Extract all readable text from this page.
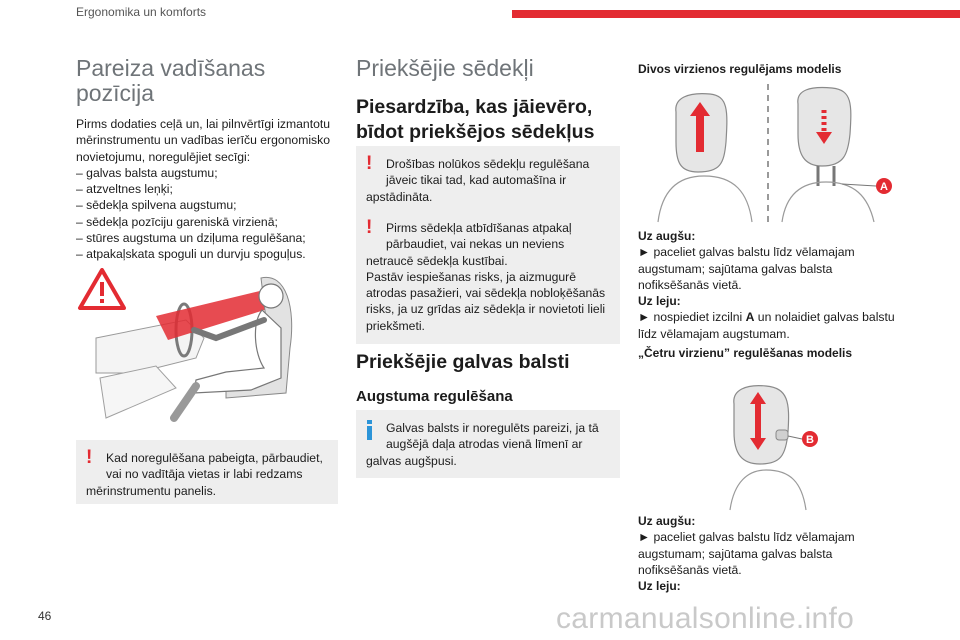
Ergonomika un komforts
46	carmanualsonline.info
Pareiza vadīšanas
pozīcija

Pirms dodaties ceļā un, lai pilnvērtīgi izmantotu

mērinstrumentu un vadības ierīču ergonomisko

novietojumu, noregulējiet secīgi:

– galvas balsta augstumu;

– atzveltnes leņķi;

– sēdekļa spilvena augstumu;

– sēdekļa pozīciju gareniskā virzienā;

– stūres augstuma un dziļuma regulēšana;

– atpakaļskata spoguli un durvju spoguļus.

!	Kad noregulēšana pabeigta, pārbaudiet,
vai no vadītāja vietas ir labi redzams
mērinstrumentu panelis.
Priekšējie sēdekļi
Piesardzība, kas jāievēro,
bīdot priekšējos sēdekļus
!	Drošības nolūkos sēdekļu regulēšana
jāveic tikai tad, kad automašīna ir
apstādināta.
!	Pirms sēdekļa atbīdīšanas atpakaļ
pārbaudiet, vai nekas un neviens
netraucē sēdekļa kustībai.
Pastāv iespiešanas risks, ja aizmugurē
atrodas pasažieri, vai sēdekļa nobloķēšanās
risks, ja uz grīdas aiz sēdekļa ir novietoti lieli
priekšmeti.
Priekšējie galvas balsti
Augstuma regulēšana
Galvas balsts ir noregulēts pareizi, ja tā
augšējā daļa atrodas vienā līmenī ar
galvas augšpusi.
Divos virzienos regulējams modelis
A
Uz augšu:
► paceliet galvas balstu līdz vēlamajam
augstumam; sajūtama galvas balsta
nofiksēšanās vietā.
Uz leju:
► nospiediet izcilni A un nolaidiet galvas balstu
līdz vēlamajam augstumam.
„Četru virzienu” regulēšanas modelis
B
Uz augšu:
► paceliet galvas balstu līdz vēlamajam
augstumam; sajūtama galvas balsta
nofiksēšanās vietā.
Uz leju:
